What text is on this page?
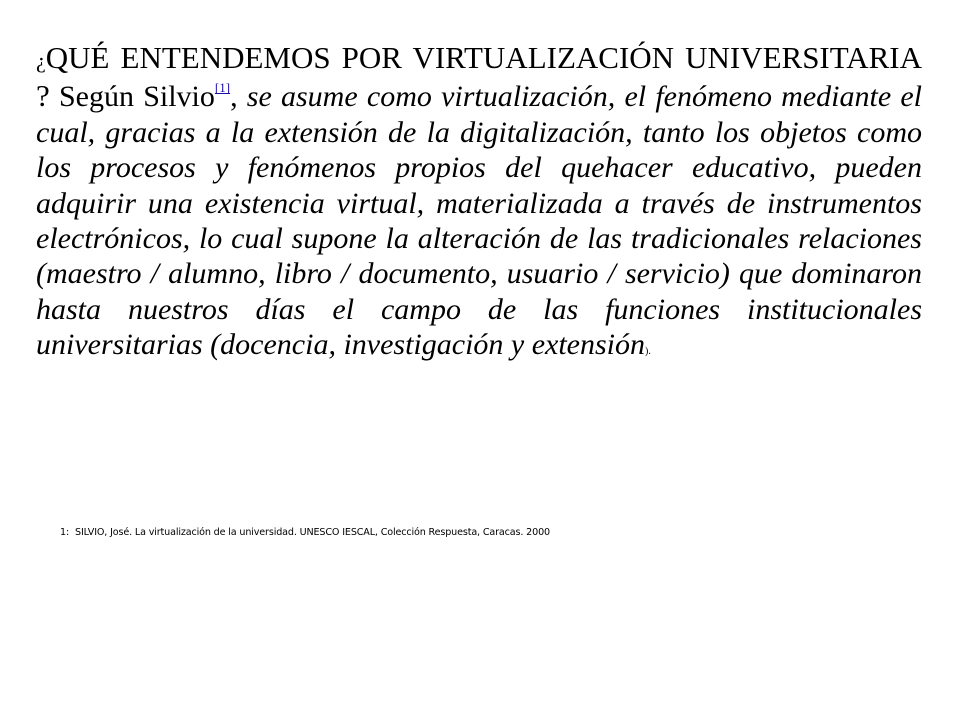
¿QUÉ ENTENDEMOS POR VIRTUALIZACIÓN UNIVERSITARIA ? Según Silvio[1], se asume como virtualización, el fenómeno mediante el cual, gracias a la extensión de la digitalización, tanto los objetos como los procesos y fenómenos propios del quehacer educativo, pueden adquirir una existencia virtual, materializada a través de instrumentos electrónicos, lo cual supone la alteración de las tradicionales relaciones (maestro / alumno, libro / documento, usuario / servicio) que dominaron hasta nuestros días el campo de las funciones institucionales universitarias (docencia, investigación y extensión).

1: SILVIO, José. La virtualización de la universidad. UNESCO IESCAL, Colección Respuesta, Caracas. 2000
